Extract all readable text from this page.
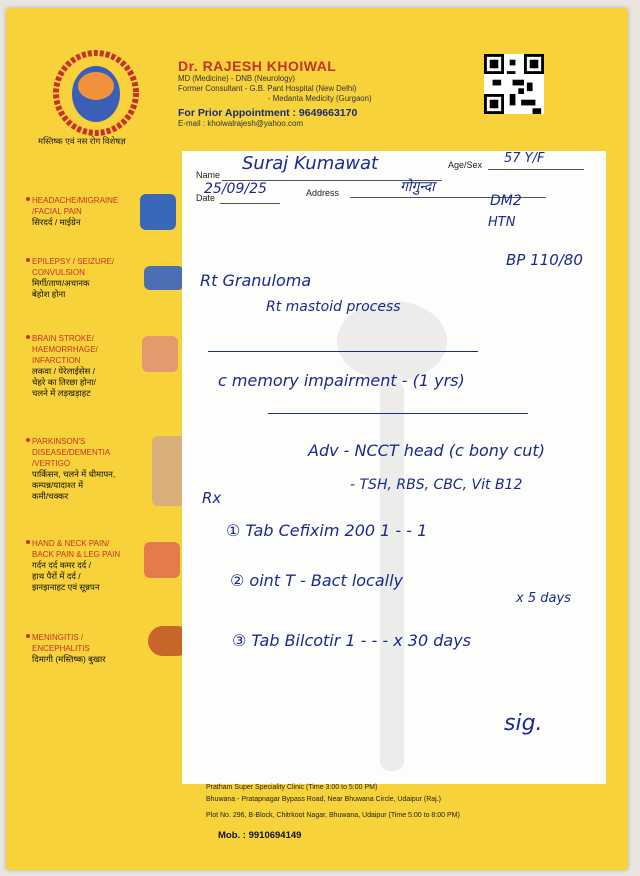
मस्तिष्क एवं नस रोग विशेषज्ञ
Dr. RAJESH KHOIWAL
MD (Medicine) - DNB (Neurology)
Former Consultant - G.B. Pant Hospital (New Delhi)
- Medanta Medicity (Gurgaon)
For Prior Appointment : 9649663170
E-mail : khoiwalrajesh@yahoo.com
HEADACHE/MIGRAINE
/FACIAL PAIN
सिरदर्द / माईग्रेन
EPILEPSY / SEIZURE/
CONVULSION
मिर्गी/ताण/अचानक
बेहोश होना
BRAIN STROKE/
HAEMORRHAGE/
INFARCTION
लकवा / पेरेलाईसेस /
चेहरे का तिरछा होना/
चलने में लड़खड़ाहट
PARKINSON'S
DISEASE/DEMENTIA
/VERTIGO
पार्किसन, चलने में धीमापन,
कम्पन्न/यादाश्त में
कमी/चक्कर
HAND & NECK PAIN/
BACK PAIN & LEG PAIN
गर्दन दर्द कमर दर्द /
हाथ पैरों में दर्द /
झनझनाहट एवं सून्नपन
MENINGITIS /
ENCEPHALITIS
दिमागी (मस्तिष्क) बुखार
Name
Age/Sex
Date	Address
Suraj Kumawat	57 Y/F
25/09/25	गोगुन्दा
DM2
HTN
BP 110/80
Rt Granuloma
Rt mastoid process
c memory impairment - (1 yrs)
Adv - NCCT head (c bony cut)
- TSH, RBS, CBC, Vit B12
Rx
① Tab Cefixim 200 1 - - 1
② oint T - Bact locally
x 5 days
③ Tab Bilcotir 1 - - - x 30 days
sig.
Pratham Super Speciality Clinic (Time 3:00 to 5:00 PM)
Bhuwana - Pratapnagar Bypass Road, Near Bhuwana Circle, Udaipur (Raj.)
Plot No. 296, B-Block, Chitrkoot Nagar, Bhuwana, Udaipur (Time 5:00 to 8:00 PM)
Mob. : 9910694149
